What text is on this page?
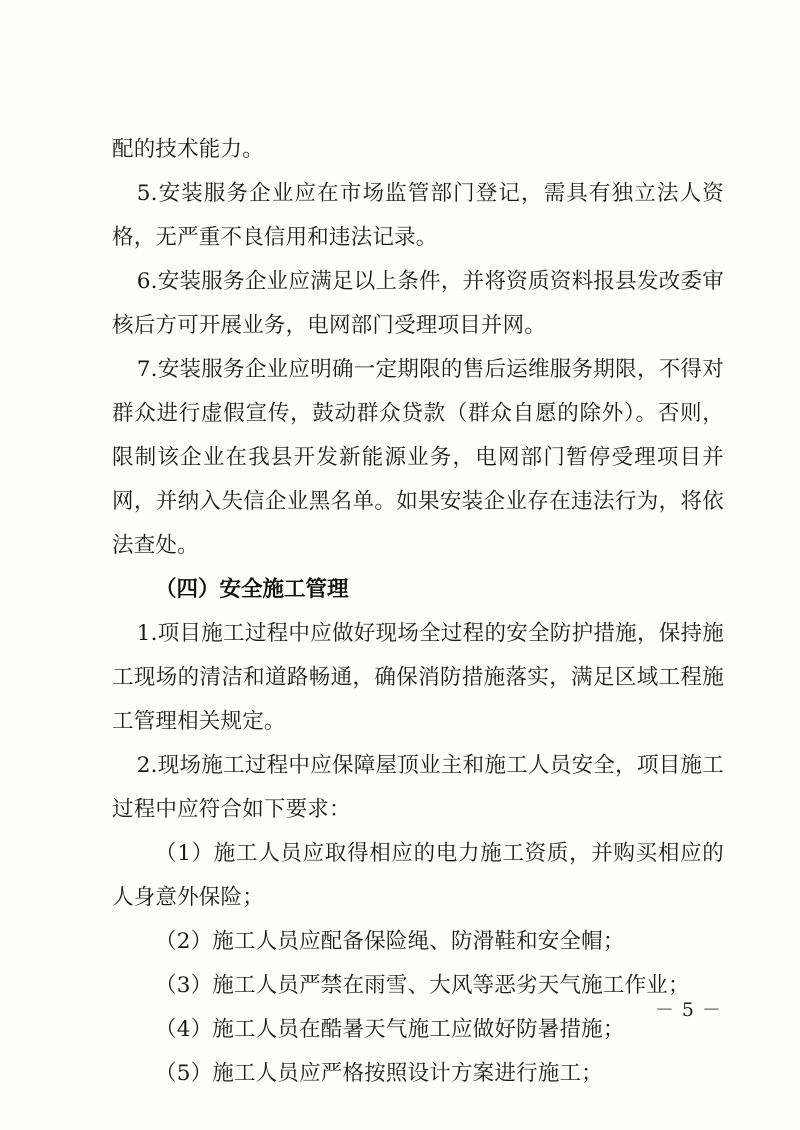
配的技术能力。

5.安装服务企业应在市场监管部门登记，需具有独立法人资格，无严重不良信用和违法记录。

6.安装服务企业应满足以上条件，并将资质资料报县发改委审核后方可开展业务，电网部门受理项目并网。

7.安装服务企业应明确一定期限的售后运维服务期限，不得对群众进行虚假宣传，鼓动群众贷款（群众自愿的除外）。否则，限制该企业在我县开发新能源业务，电网部门暂停受理项目并网，并纳入失信企业黑名单。如果安装企业存在违法行为，将依法查处。

（四）安全施工管理

1.项目施工过程中应做好现场全过程的安全防护措施，保持施工现场的清洁和道路畅通，确保消防措施落实，满足区域工程施工管理相关规定。

2.现场施工过程中应保障屋顶业主和施工人员安全，项目施工过程中应符合如下要求：

（1）施工人员应取得相应的电力施工资质，并购买相应的人身意外保险；

（2）施工人员应配备保险绳、防滑鞋和安全帽；

（3）施工人员严禁在雨雪、大风等恶劣天气施工作业；

（4）施工人员在酷暑天气施工应做好防暑措施；

（5）施工人员应严格按照设计方案进行施工；

－ 5 －
